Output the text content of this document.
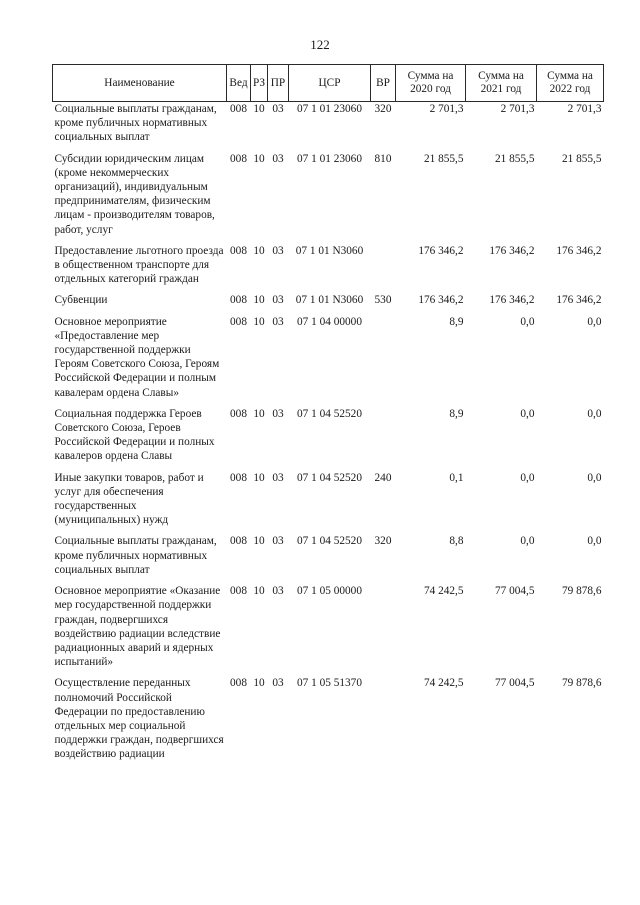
122
Наименование	Вед	РЗ	ПР	ЦСР	ВР	Сумма на 2020 год	Сумма на 2021 год	Сумма на 2022 год
Социальные выплаты гражданам, кроме публичных нормативных социальных выплат	008	10	03	07 1 01 23060	320	2 701,3	2 701,3	2 701,3
Субсидии юридическим лицам (кроме некоммерческих организаций), индивидуальным предпринимателям, физическим лицам - производителям товаров, работ, услуг	008	10	03	07 1 01 23060	810	21 855,5	21 855,5	21 855,5
Предоставление льготного проезда в общественном транспорте для отдельных категорий граждан	008	10	03	07 1 01 N3060		176 346,2	176 346,2	176 346,2
Субвенции	008	10	03	07 1 01 N3060	530	176 346,2	176 346,2	176 346,2
Основное мероприятие «Предоставление мер государственной поддержки Героям Советского Союза, Героям Российской Федерации и полным кавалерам ордена Славы»	008	10	03	07 1 04 00000		8,9	0,0	0,0
Социальная поддержка Героев Советского Союза, Героев Российской Федерации и полных кавалеров ордена Славы	008	10	03	07 1 04 52520		8,9	0,0	0,0
Иные закупки товаров, работ и услуг для обеспечения государственных (муниципальных) нужд	008	10	03	07 1 04 52520	240	0,1	0,0	0,0
Социальные выплаты гражданам, кроме публичных нормативных социальных выплат	008	10	03	07 1 04 52520	320	8,8	0,0	0,0
Основное мероприятие «Оказание мер государственной поддержки граждан, подвергшихся воздействию радиации вследствие радиационных аварий и ядерных испытаний»	008	10	03	07 1 05 00000		74 242,5	77 004,5	79 878,6
Осуществление переданных полномочий Российской Федерации по предоставлению отдельных мер социальной поддержки граждан, подвергшихся воздействию радиации	008	10	03	07 1 05 51370		74 242,5	77 004,5	79 878,6
